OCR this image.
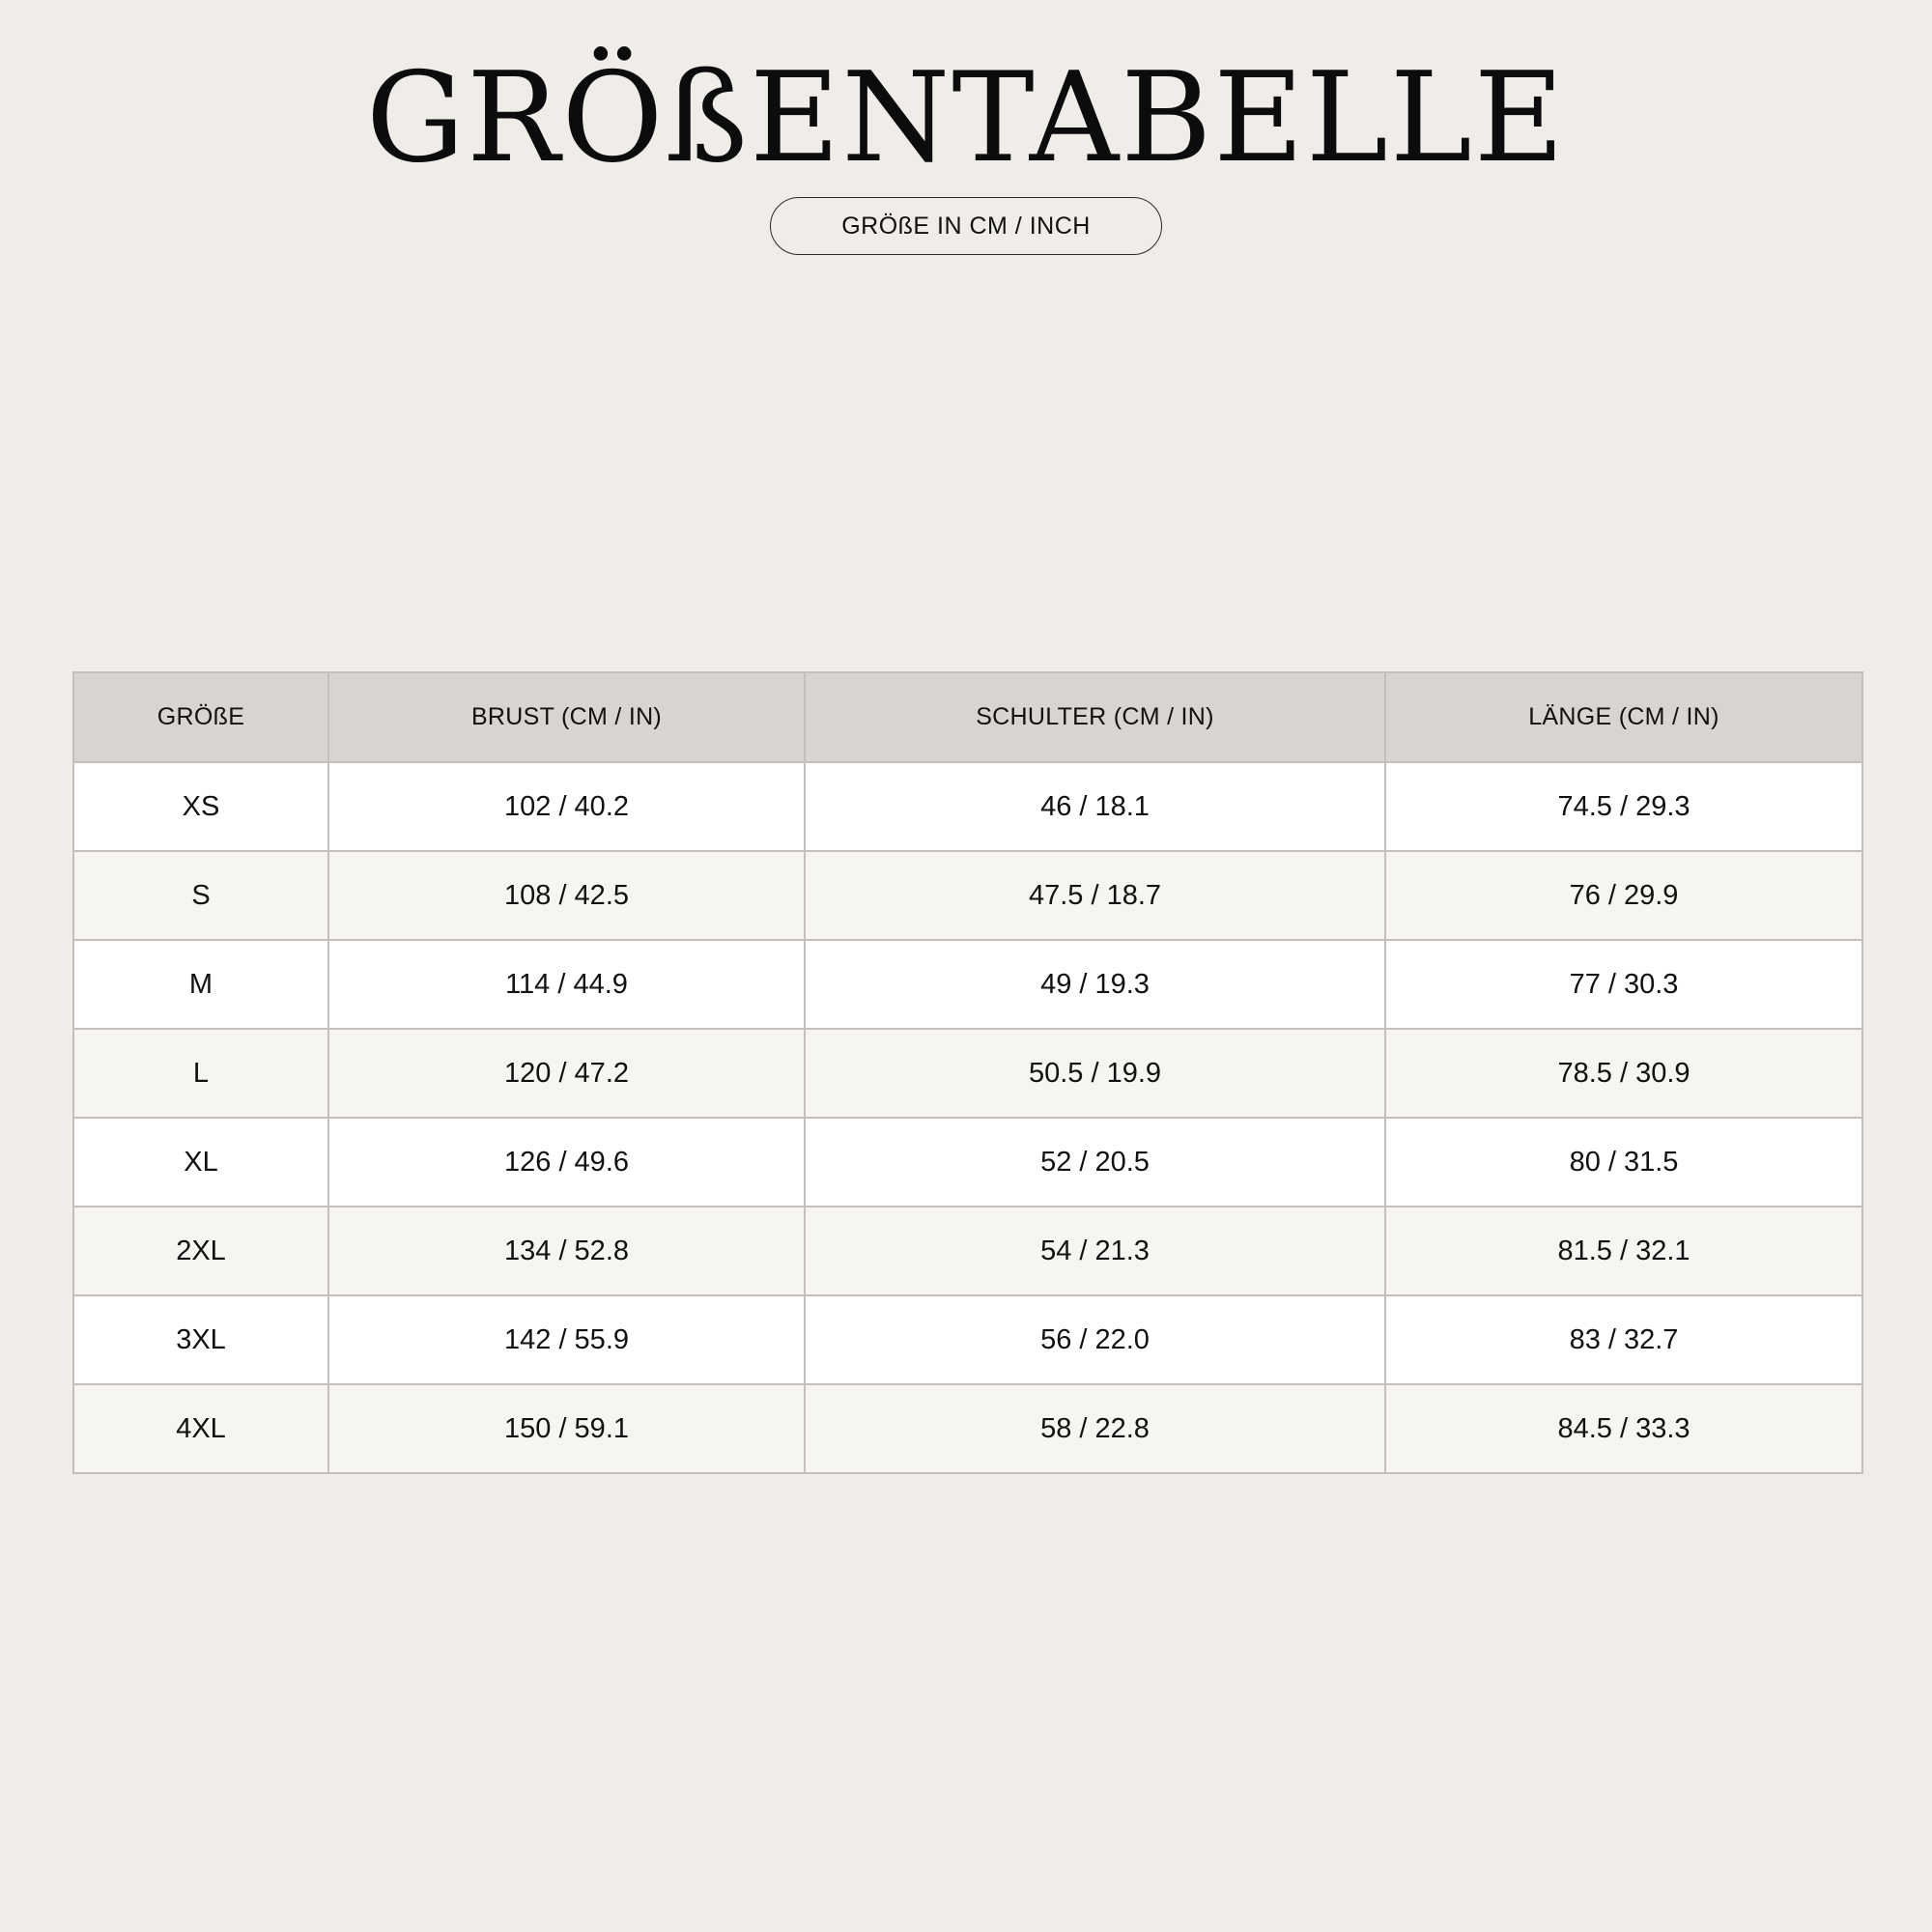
GRÖßENTABELLE
GRÖßE IN CM / INCH
GRÖßE	BRUST (CM / IN)	SCHULTER (CM / IN)	LÄNGE (CM / IN)
XS	102 / 40.2	46 / 18.1	74.5 / 29.3
S	108 / 42.5	47.5 / 18.7	76 / 29.9
M	114 / 44.9	49 / 19.3	77 / 30.3
L	120 / 47.2	50.5 / 19.9	78.5 / 30.9
XL	126 / 49.6	52 / 20.5	80 / 31.5
2XL	134 / 52.8	54 / 21.3	81.5 / 32.1
3XL	142 / 55.9	56 / 22.0	83 / 32.7
4XL	150 / 59.1	58 / 22.8	84.5 / 33.3
